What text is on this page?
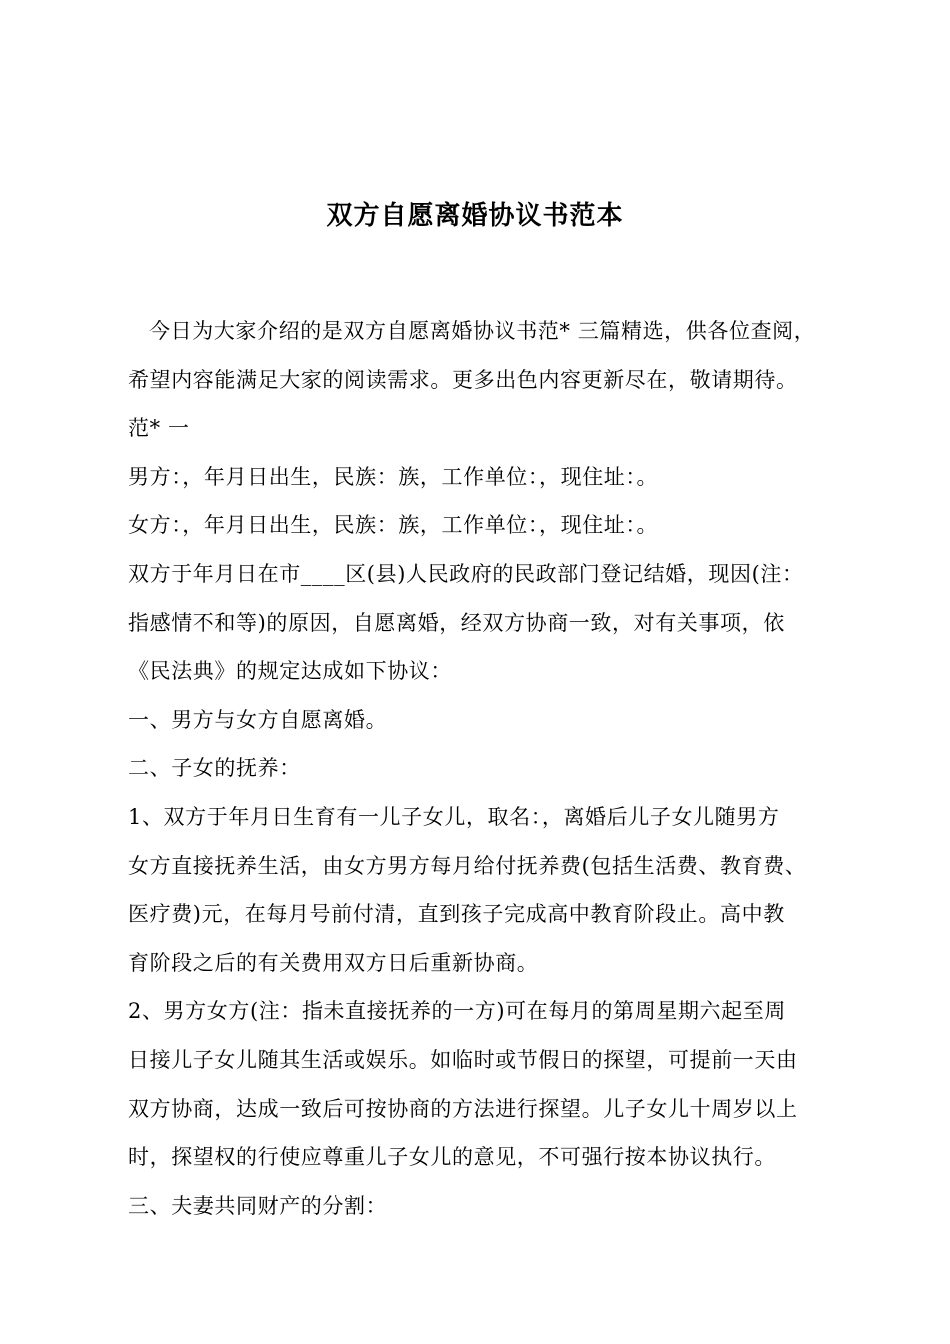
双方自愿离婚协议书范本
今日为大家介绍的是双方自愿离婚协议书范* 三篇精选，供各位查阅，
希望内容能满足大家的阅读需求。更多出色内容更新尽在，敬请期待。
范* 一
男方：，年月日出生，民族：族，工作单位：，现住址：。
女方：，年月日出生，民族：族，工作单位：，现住址：。
双方于年月日在市____区(县)人民政府的民政部门登记结婚，现因(注：
指感情不和等)的原因，自愿离婚，经双方协商一致，对有关事项，依
《民法典》的规定达成如下协议：
一、男方与女方自愿离婚。
二、子女的抚养：
1、双方于年月日生育有一儿子女儿，取名：，离婚后儿子女儿随男方
女方直接抚养生活，由女方男方每月给付抚养费(包括生活费、教育费、
医疗费)元，在每月号前付清，直到孩子完成高中教育阶段止。高中教
育阶段之后的有关费用双方日后重新协商。
2、男方女方(注：指未直接抚养的一方)可在每月的第周星期六起至周
日接儿子女儿随其生活或娱乐。如临时或节假日的探望，可提前一天由
双方协商，达成一致后可按协商的方法进行探望。儿子女儿十周岁以上
时，探望权的行使应尊重儿子女儿的意见，不可强行按本协议执行。
三、夫妻共同财产的分割：
